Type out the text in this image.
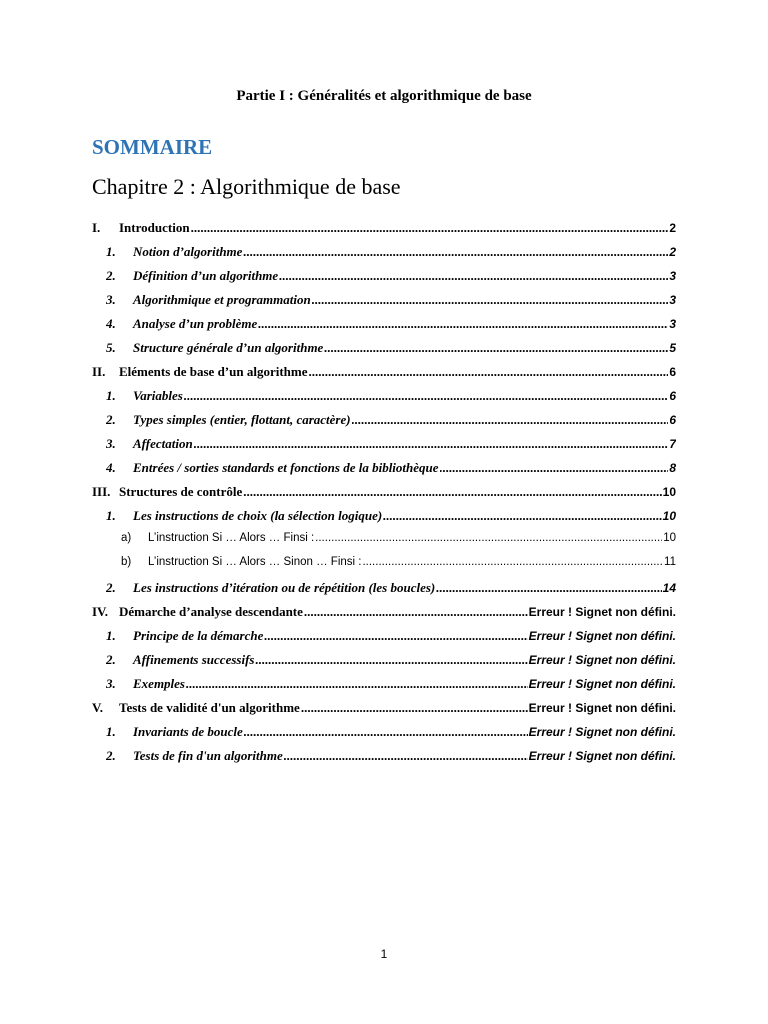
Partie I : Généralités et algorithmique de base
SOMMAIRE
Chapitre 2 : Algorithmique de base
I.	Introduction .....	2
1.	Notion d’algorithme .....	2
2.	Définition d’un algorithme .....	3
3.	Algorithmique et programmation .....	3
4.	Analyse d’un problème .....	3
5.	Structure générale d’un algorithme .....	5
II.	Eléments de base d’un algorithme .....	6
1.	Variables .....	6
2.	Types simples (entier, flottant, caractère) .....	6
3.	Affectation .....	7
4.	Entrées / sorties standards et fonctions de la bibliothèque .....	8
III. Structures de contrôle .....	10
1.	Les instructions de choix (la sélection logique) .....	10
a)	L’instruction Si … Alors … Finsi : .....	10
b)	L’instruction Si … Alors … Sinon … Finsi : .....	11
2.	Les instructions d’itération ou de répétition (les boucles) .....	14
IV. Démarche d’analyse descendante .....	Erreur ! Signet non défini.
1.	Principe de la démarche .....	Erreur ! Signet non défini.
2.	Affinements successifs .....	Erreur ! Signet non défini.
3.	Exemples .....	Erreur ! Signet non défini.
V.	Tests de validité d'un algorithme .....	Erreur ! Signet non défini.
1.	Invariants de boucle .....	Erreur ! Signet non défini.
2.	Tests de fin d'un algorithme .....	Erreur ! Signet non défini.
1
